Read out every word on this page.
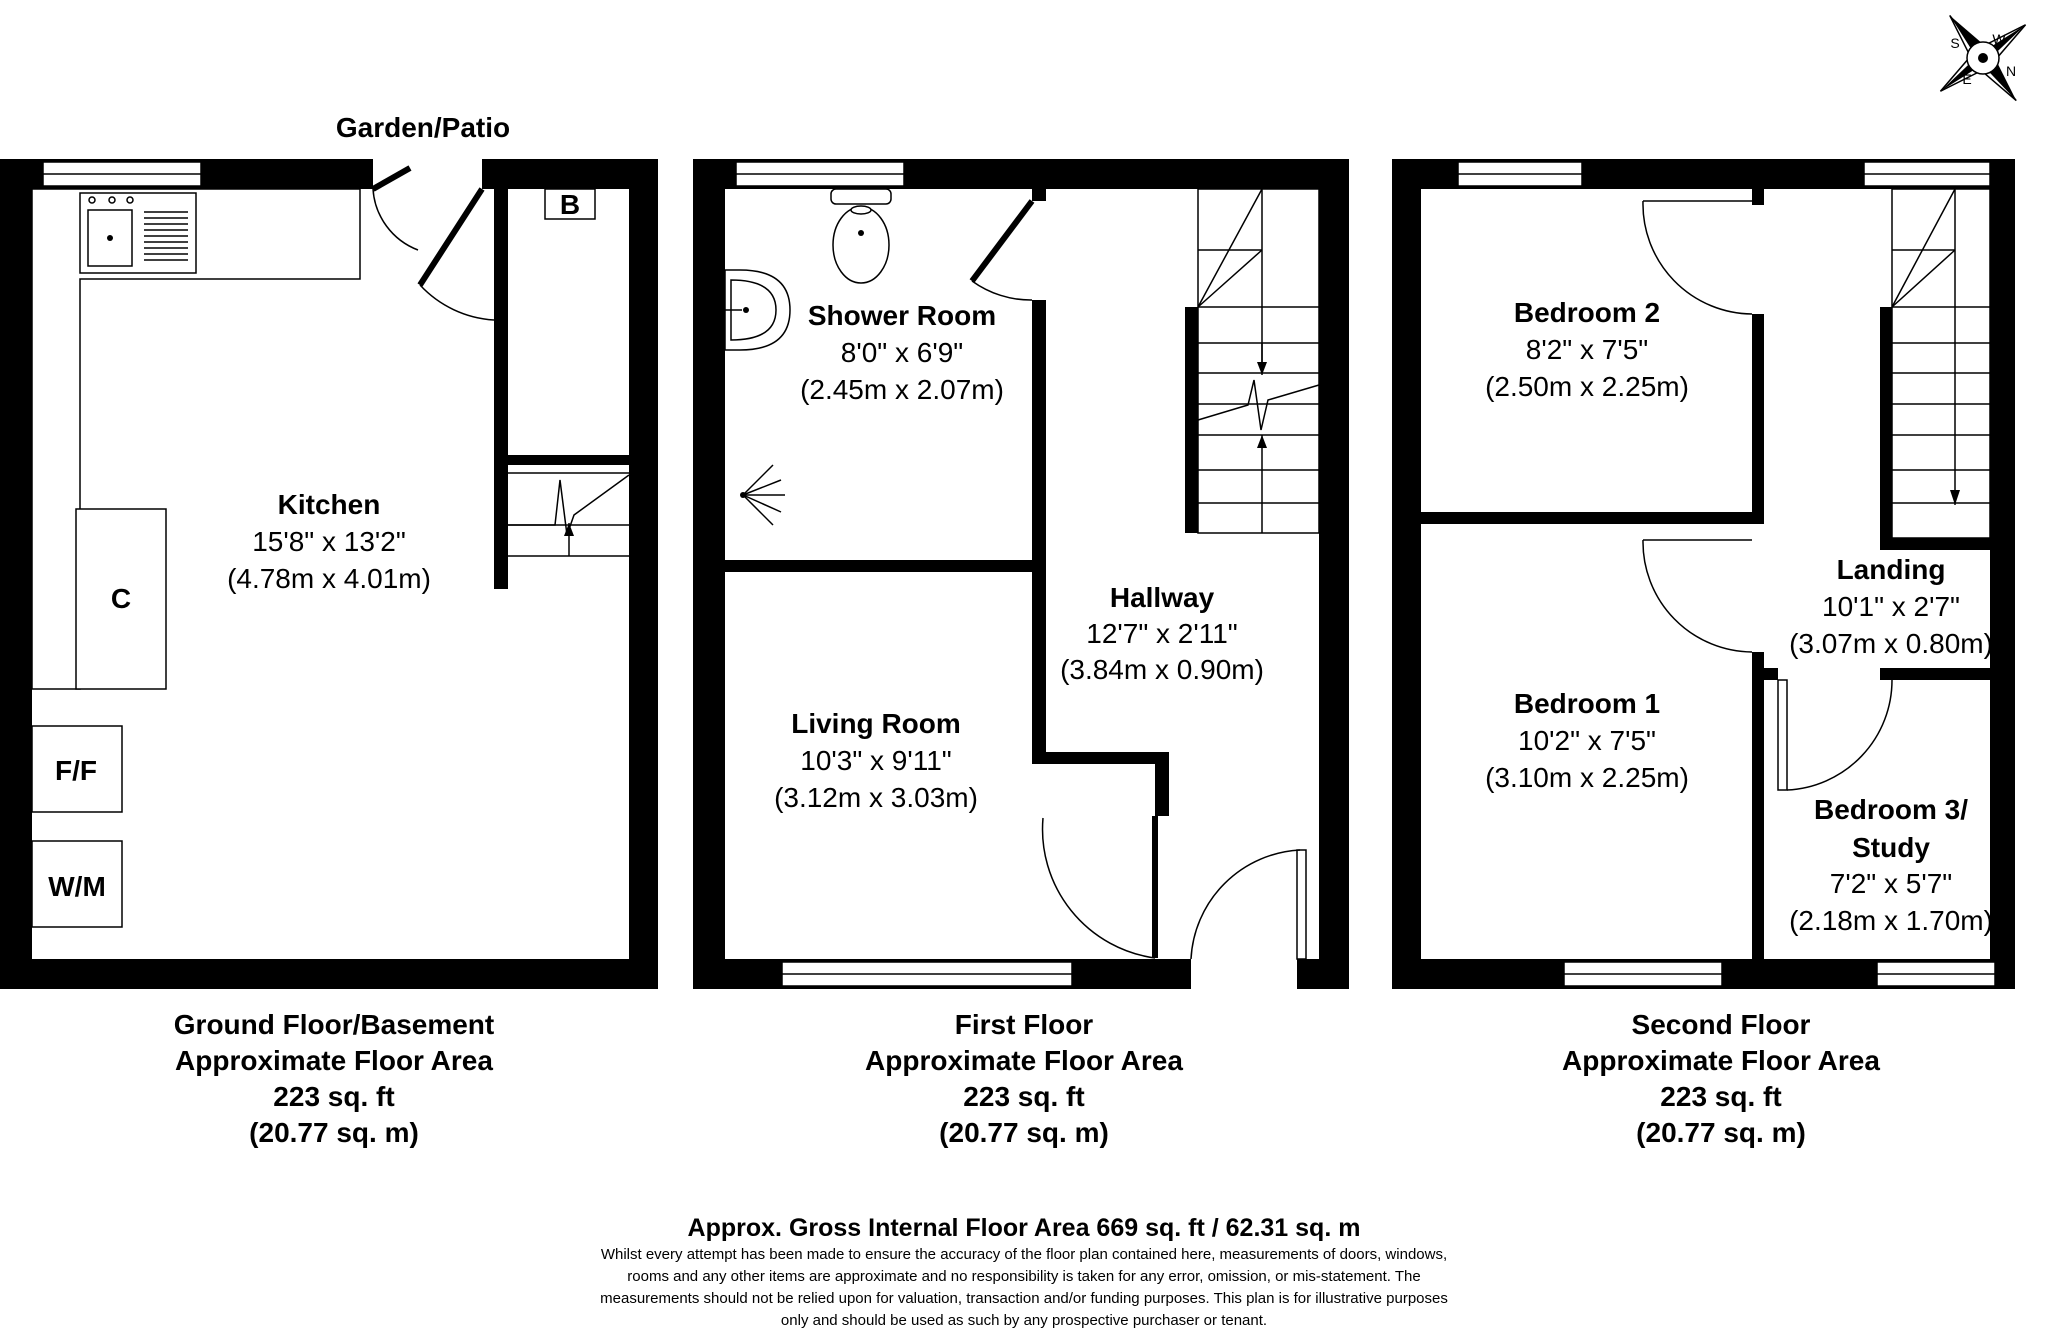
N
W
S
E
Garden/Patio
B
C
F/F
W/M
Kitchen
15'8" x 13'2"
(4.78m x 4.01m)
Ground Floor/Basement
Approximate Floor Area
223 sq. ft
(20.77 sq. m)
Shower Room
8'0" x 6'9"
(2.45m x 2.07m)
Hallway
12'7" x 2'11"
(3.84m x 0.90m)
Living Room
10'3" x 9'11"
(3.12m x 3.03m)
First Floor
Approximate Floor Area
223 sq. ft
(20.77 sq. m)
Bedroom 2
8'2" x 7'5"
(2.50m x 2.25m)
Landing
10'1" x 2'7"
(3.07m x 0.80m)
Bedroom 1
10'2" x 7'5"
(3.10m x 2.25m)
Bedroom 3/
Study
7'2" x 5'7"
(2.18m x 1.70m)
Second Floor
Approximate Floor Area
223 sq. ft
(20.77 sq. m)
Approx. Gross Internal Floor Area 669 sq. ft / 62.31 sq. m
Whilst every attempt has been made to ensure the accuracy of the floor plan contained here, measurements of doors, windows,
rooms and any other items are approximate and no responsibility is taken for any error, omission, or mis-statement. The
measurements should not be relied upon for valuation, transaction and/or funding purposes. This plan is for illustrative purposes
only and should be used as such by any prospective purchaser or tenant.
